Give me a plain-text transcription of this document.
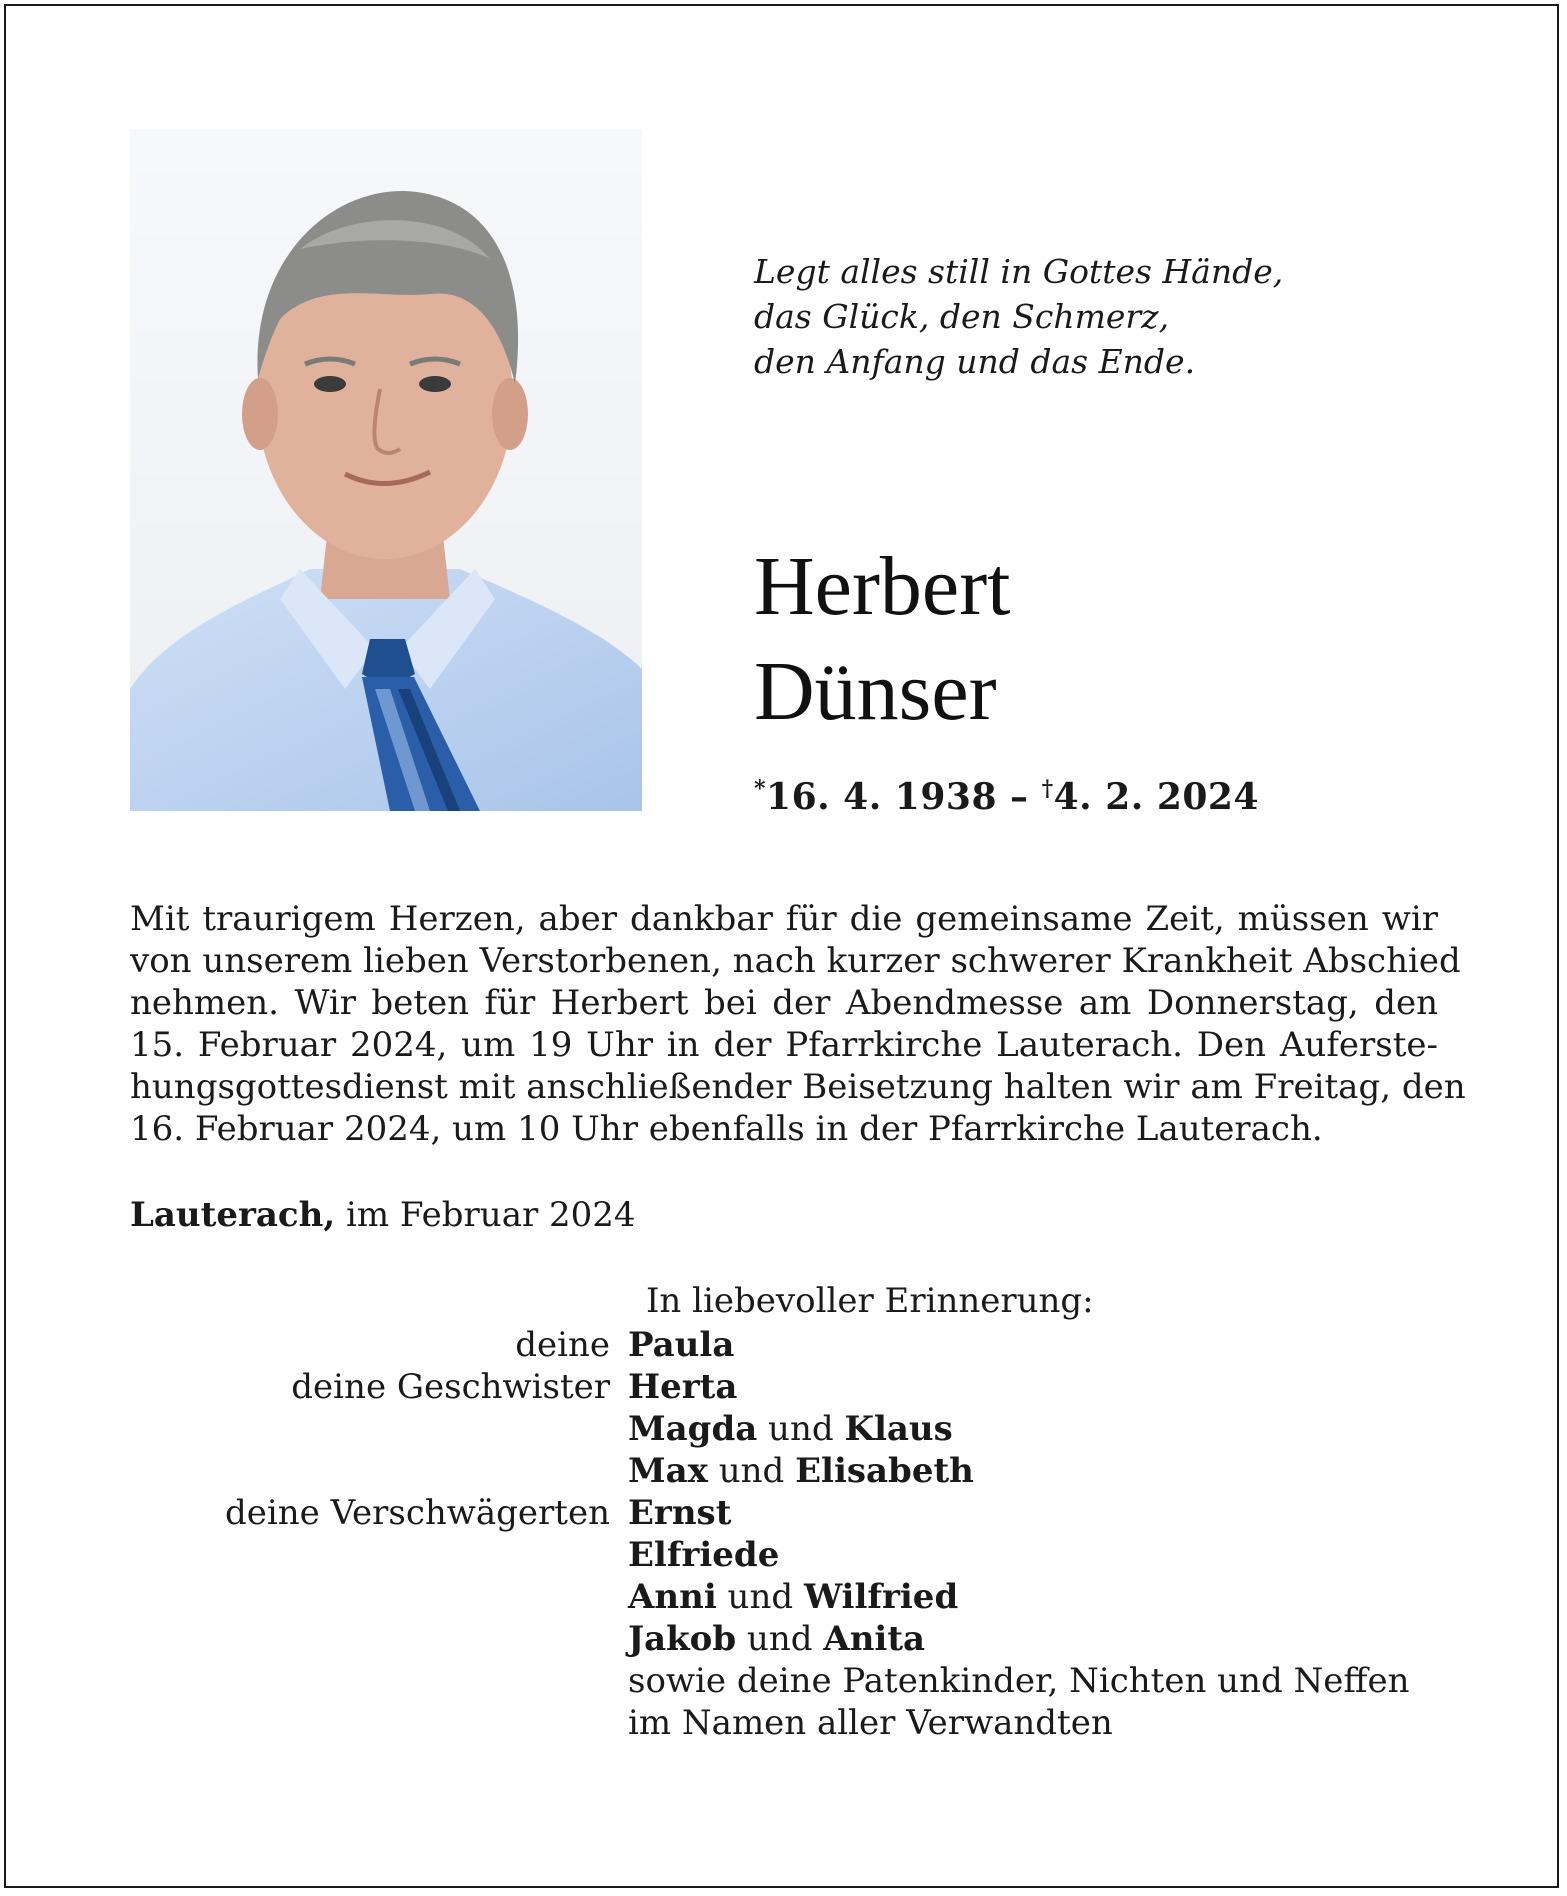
Legt alles still in Gottes Hände,
das Glück, den Schmerz,
den Anfang und das Ende.
Herbert
Dünser
*16. 4. 1938 – †4. 2. 2024
Mit traurigem Herzen, aber dankbar für die gemeinsame Zeit, müssen wir
von unserem lieben Verstorbenen, nach kurzer schwerer Krankheit Abschied
nehmen. Wir beten für Herbert bei der Abendmesse am Donnerstag, den
15. Februar 2024, um 19 Uhr in der Pfarrkirche Lauterach. Den Auferste-
hungsgottesdienst mit anschließender Beisetzung halten wir am Freitag, den
16. Februar 2024, um 10 Uhr ebenfalls in der Pfarrkirche Lauterach.
Lauterach, im Februar 2024
In liebevoller Erinnerung:
deine Paula
deine Geschwister Herta
Magda und Klaus
Max und Elisabeth
deine Verschwägerten Ernst
Elfriede
Anni und Wilfried
Jakob und Anita
sowie deine Patenkinder, Nichten und Neffen
im Namen aller Verwandten
